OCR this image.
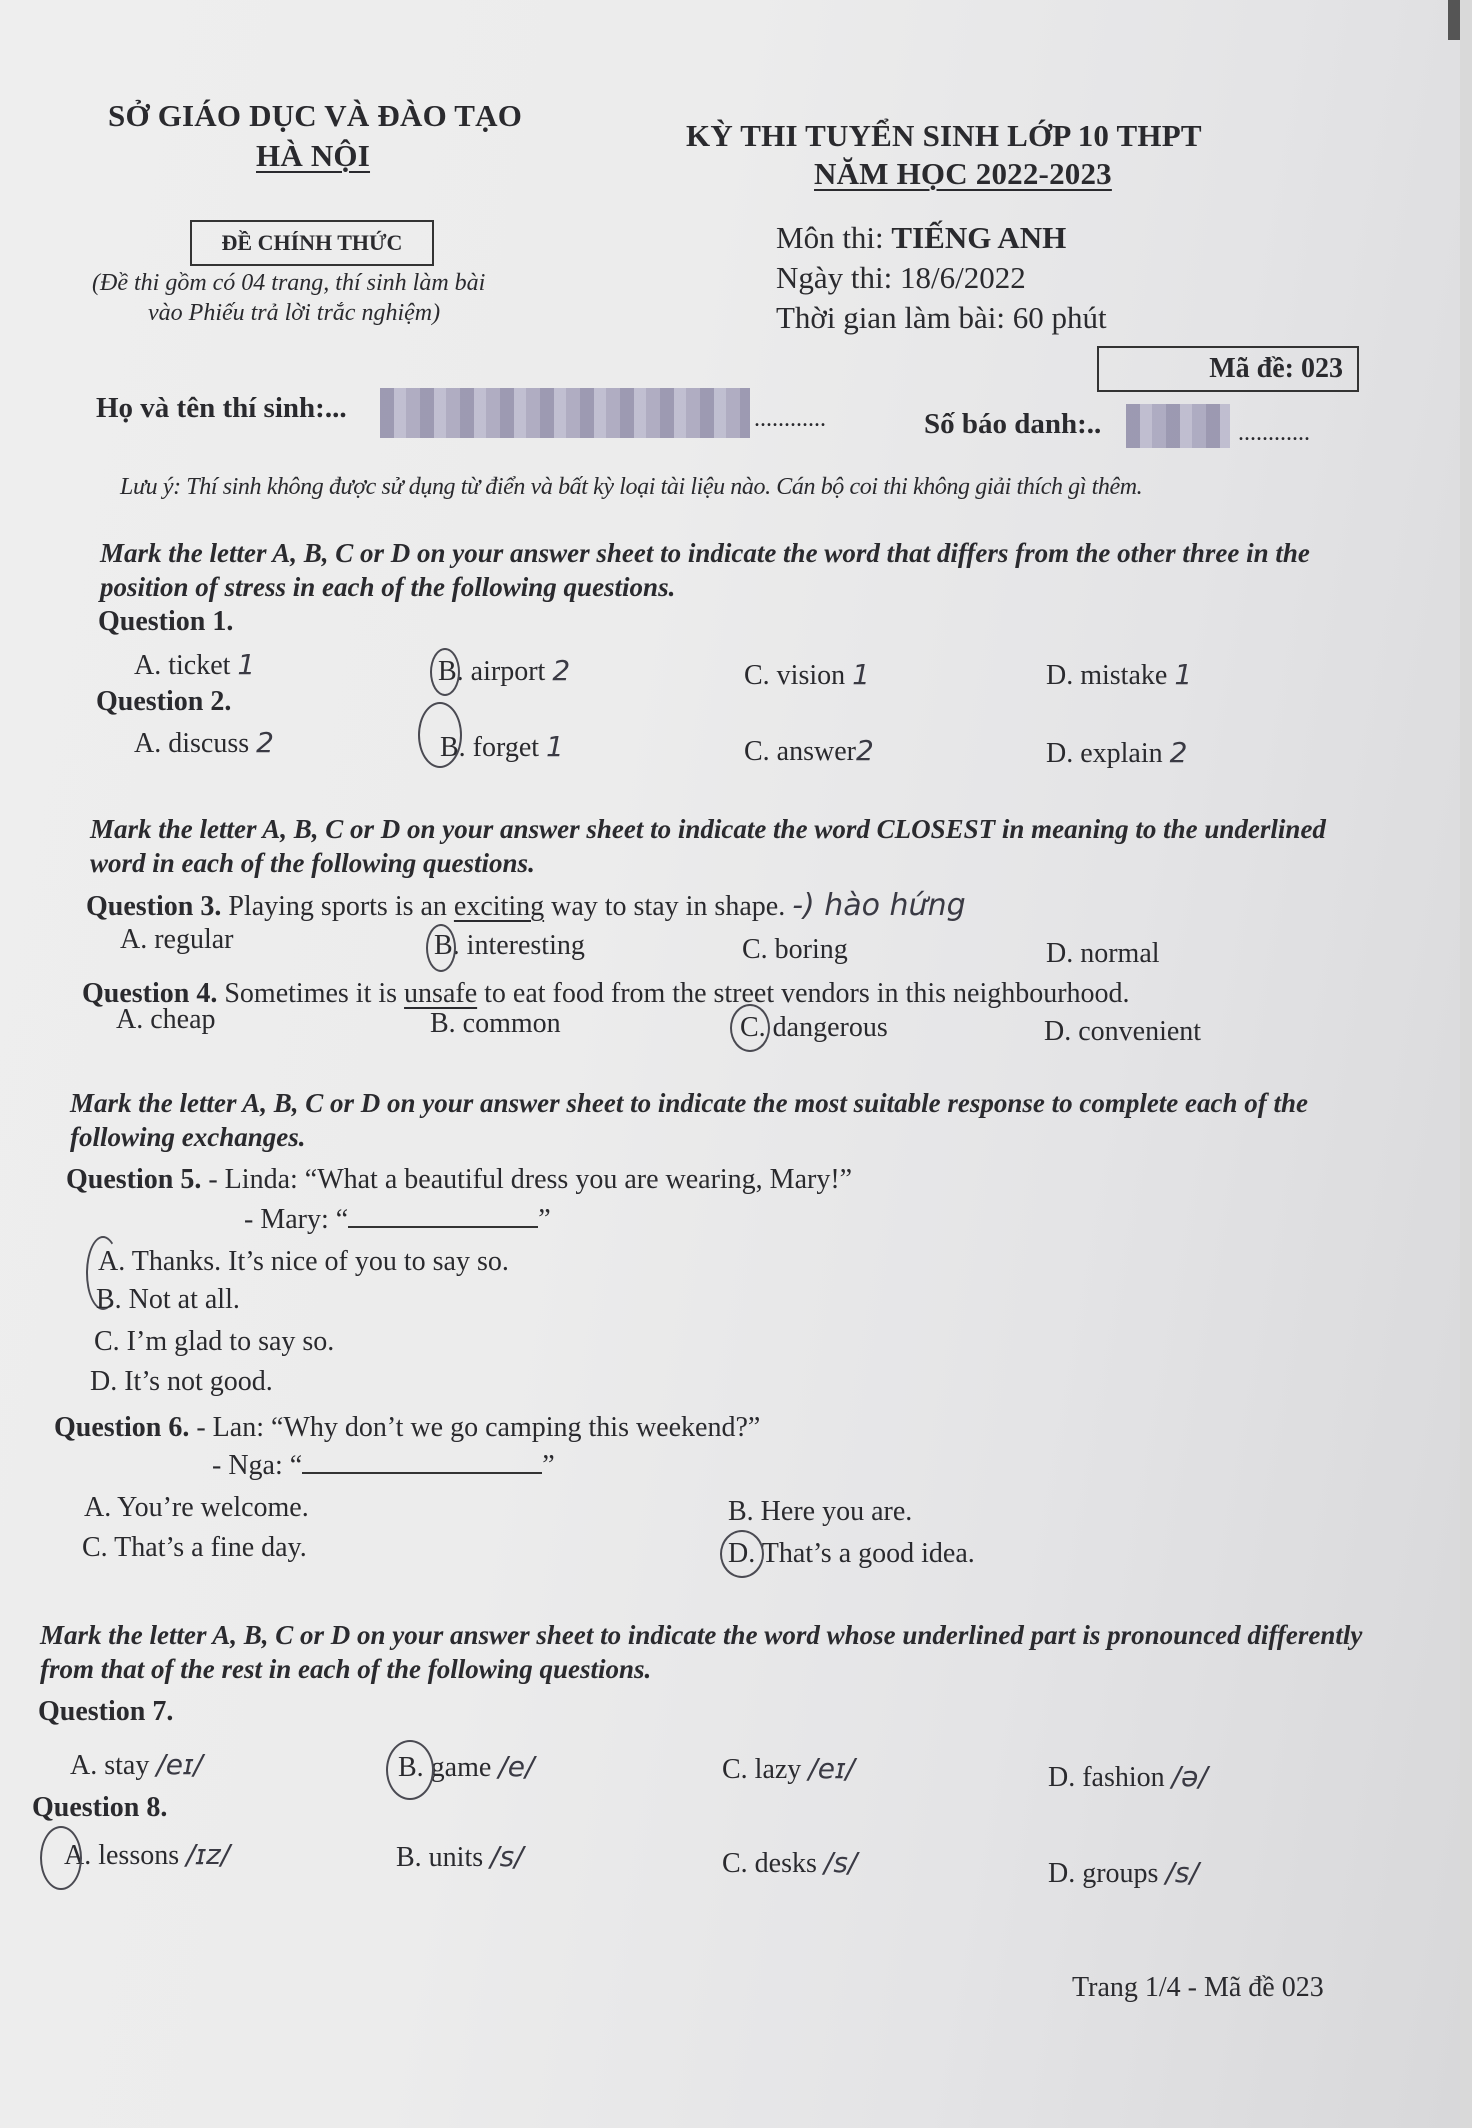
SỞ GIÁO DỤC VÀ ĐÀO TẠO
HÀ NỘI
ĐỀ CHÍNH THỨC
(Đề thi gồm có 04 trang, thí sinh làm bài
vào Phiếu trả lời trắc nghiệm)
KỲ THI TUYỂN SINH LỚP 10 THPT
NĂM HỌC 2022-2023
Môn thi: TIẾNG ANH
Ngày thi: 18/6/2022
Thời gian làm bài: 60 phút
Mã đề: 023
Họ và tên thí sinh:...	............	Số báo danh:..	............
Lưu ý: Thí sinh không được sử dụng từ điển và bất kỳ loại tài liệu nào. Cán bộ coi thi không giải thích gì thêm.
Mark the letter A, B, C or D on your answer sheet to indicate the word that differs from the other three in the position of stress in each of the following questions.
Question 1.
A. ticket 1	B. airport 2	C. vision 1	D. mistake 1
Question 2.
A. discuss 2	B. forget 1	C. answer2	D. explain 2
Mark the letter A, B, C or D on your answer sheet to indicate the word CLOSEST in meaning to the underlined word in each of the following questions.
Question 3. Playing sports is an exciting way to stay in shape. -) hào hứng
A. regular	B. interesting	C. boring	D. normal
Question 4. Sometimes it is unsafe to eat food from the street vendors in this neighbourhood.
A. cheap	B. common	C. dangerous	D. convenient
Mark the letter A, B, C or D on your answer sheet to indicate the most suitable response to complete each of the following exchanges.
Question 5. - Linda: “What a beautiful dress you are wearing, Mary!”
- Mary: “	”
A. Thanks. It’s nice of you to say so.
B. Not at all.
C. I’m glad to say so.
D. It’s not good.
Question 6. - Lan: “Why don’t we go camping this weekend?”
- Nga: “	”
A. You’re welcome.	B. Here you are.
C. That’s a fine day.	D. That’s a good idea.
Mark the letter A, B, C or D on your answer sheet to indicate the word whose underlined part is pronounced differently from that of the rest in each of the following questions.
Question 7.
A. stay /eɪ/	B. game /e/	C. lazy /eɪ/	D. fashion /ə/
Question 8.
A. lessons /ɪz/	B. units /s/	C. desks /s/	D. groups /s/
Trang 1/4 - Mã đề 023
